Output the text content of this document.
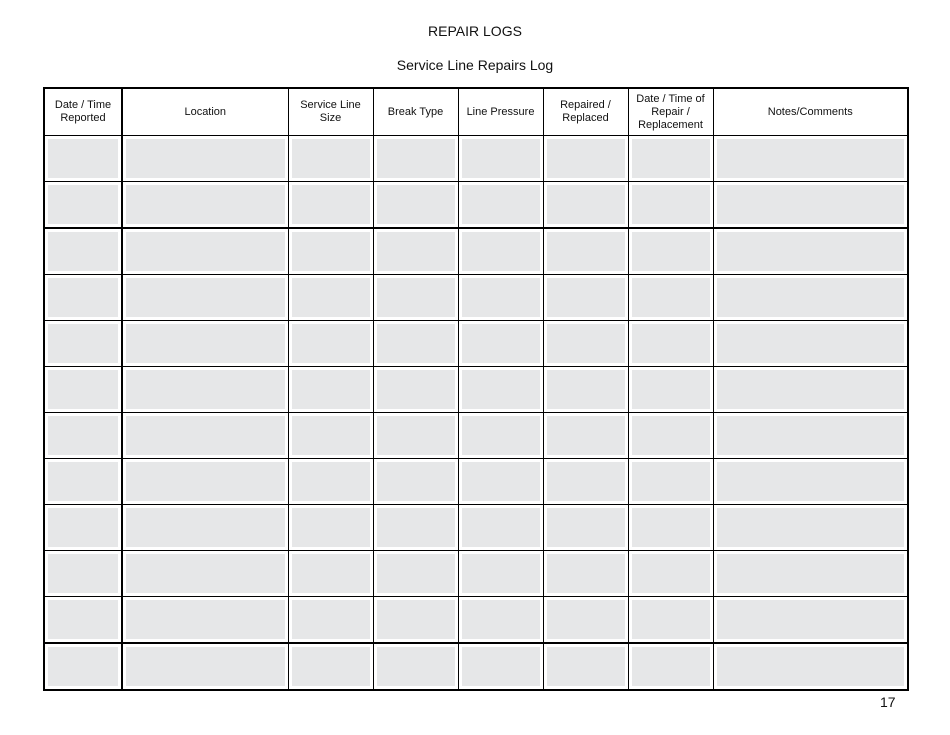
REPAIR LOGS
Service Line Repairs Log
Date / Time Reported	Location	Service Line Size	Break Type	Line Pressure	Repaired / Replaced	Date / Time of Repair / Replacement	Notes/Comments

17
